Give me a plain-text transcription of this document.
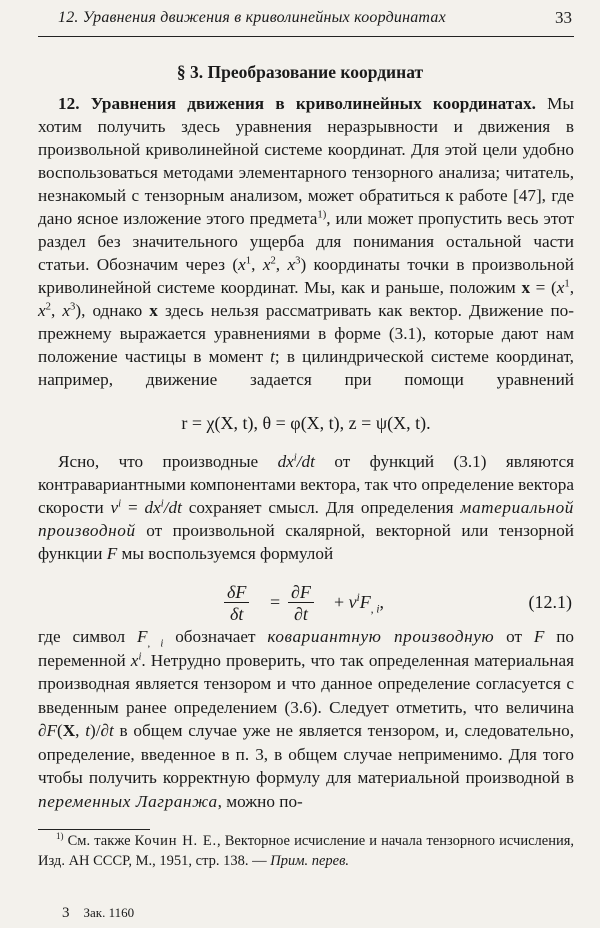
12. Уравнения движения в криволинейных координатах	33
§ 3. Преобразование координат

12. Уравнения движения в криволинейных координатах. Мы хотим получить здесь уравнения неразрывности и движения в произвольной криволинейной системе координат. Для этой цели удобно воспользоваться методами элементарного тензорного анализа; читатель, незнакомый с тензорным анализом, может обратиться к работе [47], где дано ясное изложение этого предмета$^{1)}$, или может пропустить весь этот раздел без значительного ущерба для понимания остальной части статьи. Обозначим через ($x^1$, $x^2$, $x^3$) координаты точки в произвольной криволинейной системе координат. Мы, как и раньше, положим $x = (x^1$, $x^2$, $x^3$), однако x здесь нельзя рассматривать как вектор. Движение по-прежнему выражается уравнениями в форме (3.1), которые дают нам положение частицы в момент t; в цилиндрической системе координат, например, движение задается при помощи уравнений

r = χ(X, t), θ = φ(X, t), z = ψ(X, t).

Ясно, что производные $dx^i/dt$ от функций (3.1) являются контравариантными компонентами вектора, так что определение вектора скорости $v^i = dx^i/dt$ сохраняет смысл. Для определения материальной производной от произвольной скалярной, векторной или тензорной функции F мы воспользуемся формулой

$\frac{\delta F}{\delta t} = \frac{\partial F}{\partial t} + v^iF_{, i}$,	(12.1)

где символ $F_{, i}$ обозначает ковариантную производную от F по переменной $x^i$. Нетрудно проверить, что так определенная материальная производная является тензором и что данное определение согласуется с введенным ранее определением (3.6). Следует отметить, что величина ∂F(X, t)/∂t в общем случае уже не является тензором, и, следовательно, определение, введенное в п. 3, в общем случае неприменимо. Для того чтобы получить корректную формулу для материальной производной в переменных Лагранжа, можно по-

$^{1)}$ См. также Кочин Н. Е., Векторное исчисление и начала тензорного исчисления, Изд. АН СССР, М., 1951, стр. 138. — Прим. перев.

3 Зак. 1160
